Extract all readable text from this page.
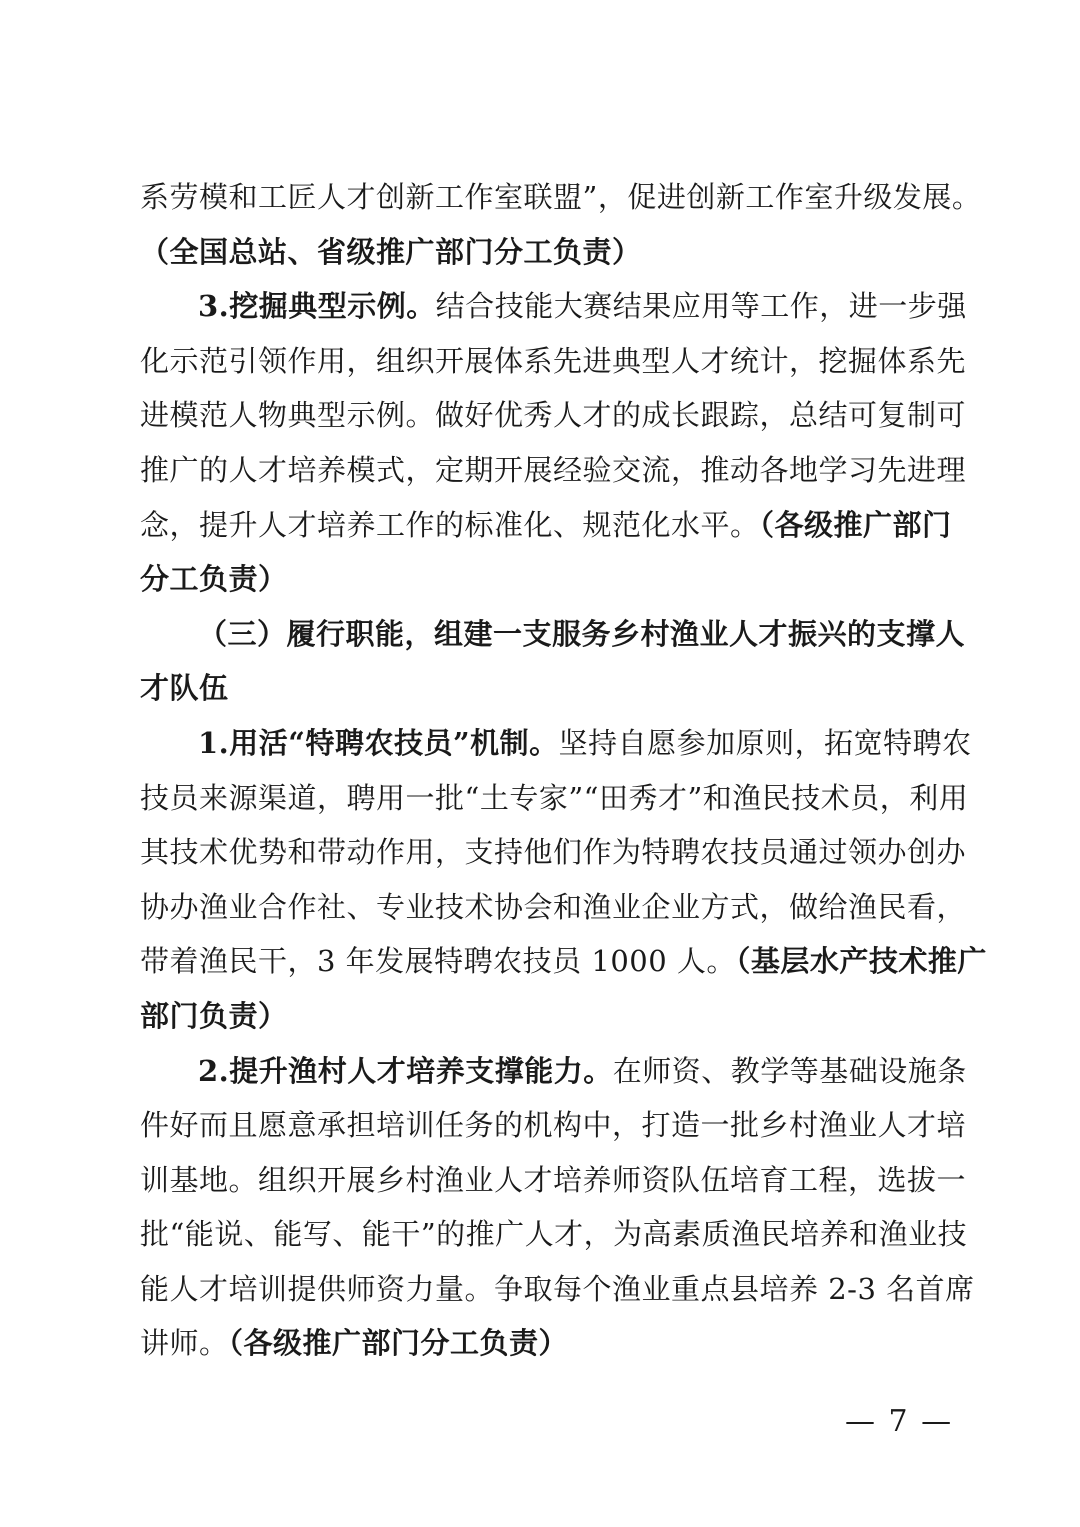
系劳模和工匠人才创新工作室联盟”，促进创新工作室升级发展。
（全国总站、省级推广部门分工负责）
3.挖掘典型示例。结合技能大赛结果应用等工作，进一步强
化示范引领作用，组织开展体系先进典型人才统计，挖掘体系先
进模范人物典型示例。做好优秀人才的成长跟踪，总结可复制可
推广的人才培养模式，定期开展经验交流，推动各地学习先进理
念，提升人才培养工作的标准化、规范化水平。（各级推广部门
分工负责）
（三）履行职能，组建一支服务乡村渔业人才振兴的支撑人
才队伍
1.用活“特聘农技员”机制。坚持自愿参加原则，拓宽特聘农
技员来源渠道，聘用一批“土专家”“田秀才”和渔民技术员，利用
其技术优势和带动作用，支持他们作为特聘农技员通过领办创办
协办渔业合作社、专业技术协会和渔业企业方式，做给渔民看，
带着渔民干，3 年发展特聘农技员 1000 人。（基层水产技术推广
部门负责）
2.提升渔村人才培养支撑能力。在师资、教学等基础设施条
件好而且愿意承担培训任务的机构中，打造一批乡村渔业人才培
训基地。组织开展乡村渔业人才培养师资队伍培育工程，选拔一
批“能说、能写、能干”的推广人才，为高素质渔民培养和渔业技
能人才培训提供师资力量。争取每个渔业重点县培养 2-3 名首席
讲师。（各级推广部门分工负责）
— 7 —
